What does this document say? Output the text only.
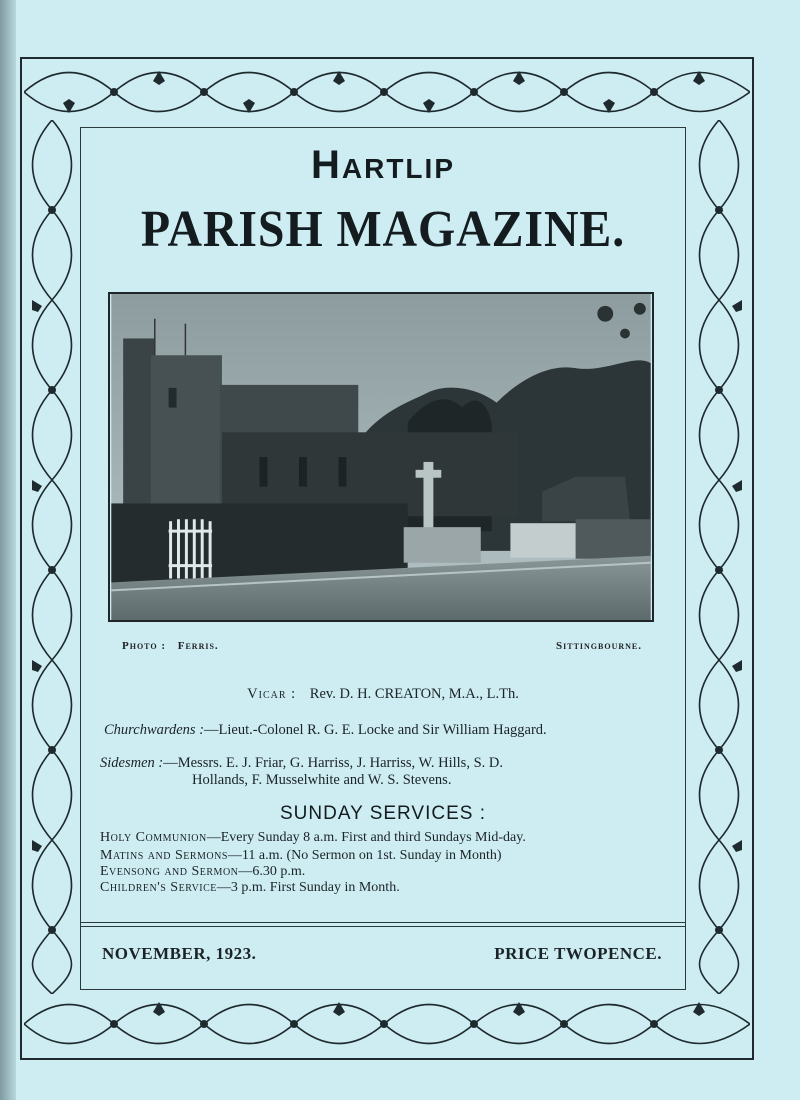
Hartlip
PARISH MAGAZINE.
Photo : Ferris.	Sittingbourne.
Vicar : Rev. D. H. CREATON, M.A., L.Th.
Churchwardens :—Lieut.-Colonel R. G. E. Locke and Sir William Haggard.
Sidesmen :—Messrs. E. J. Friar, G. Harriss, J. Harriss, W. Hills, S. D.
Hollands, F. Musselwhite and W. S. Stevens.
SUNDAY SERVICES :
Holy Communion—Every Sunday 8 a.m. First and third Sundays Mid-day.
Matins and Sermons—11 a.m. (No Sermon on 1st. Sunday in Month)
Evensong and Sermon—6.30 p.m.
Children's Service—3 p.m. First Sunday in Month.
NOVEMBER, 1923.	PRICE TWOPENCE.
